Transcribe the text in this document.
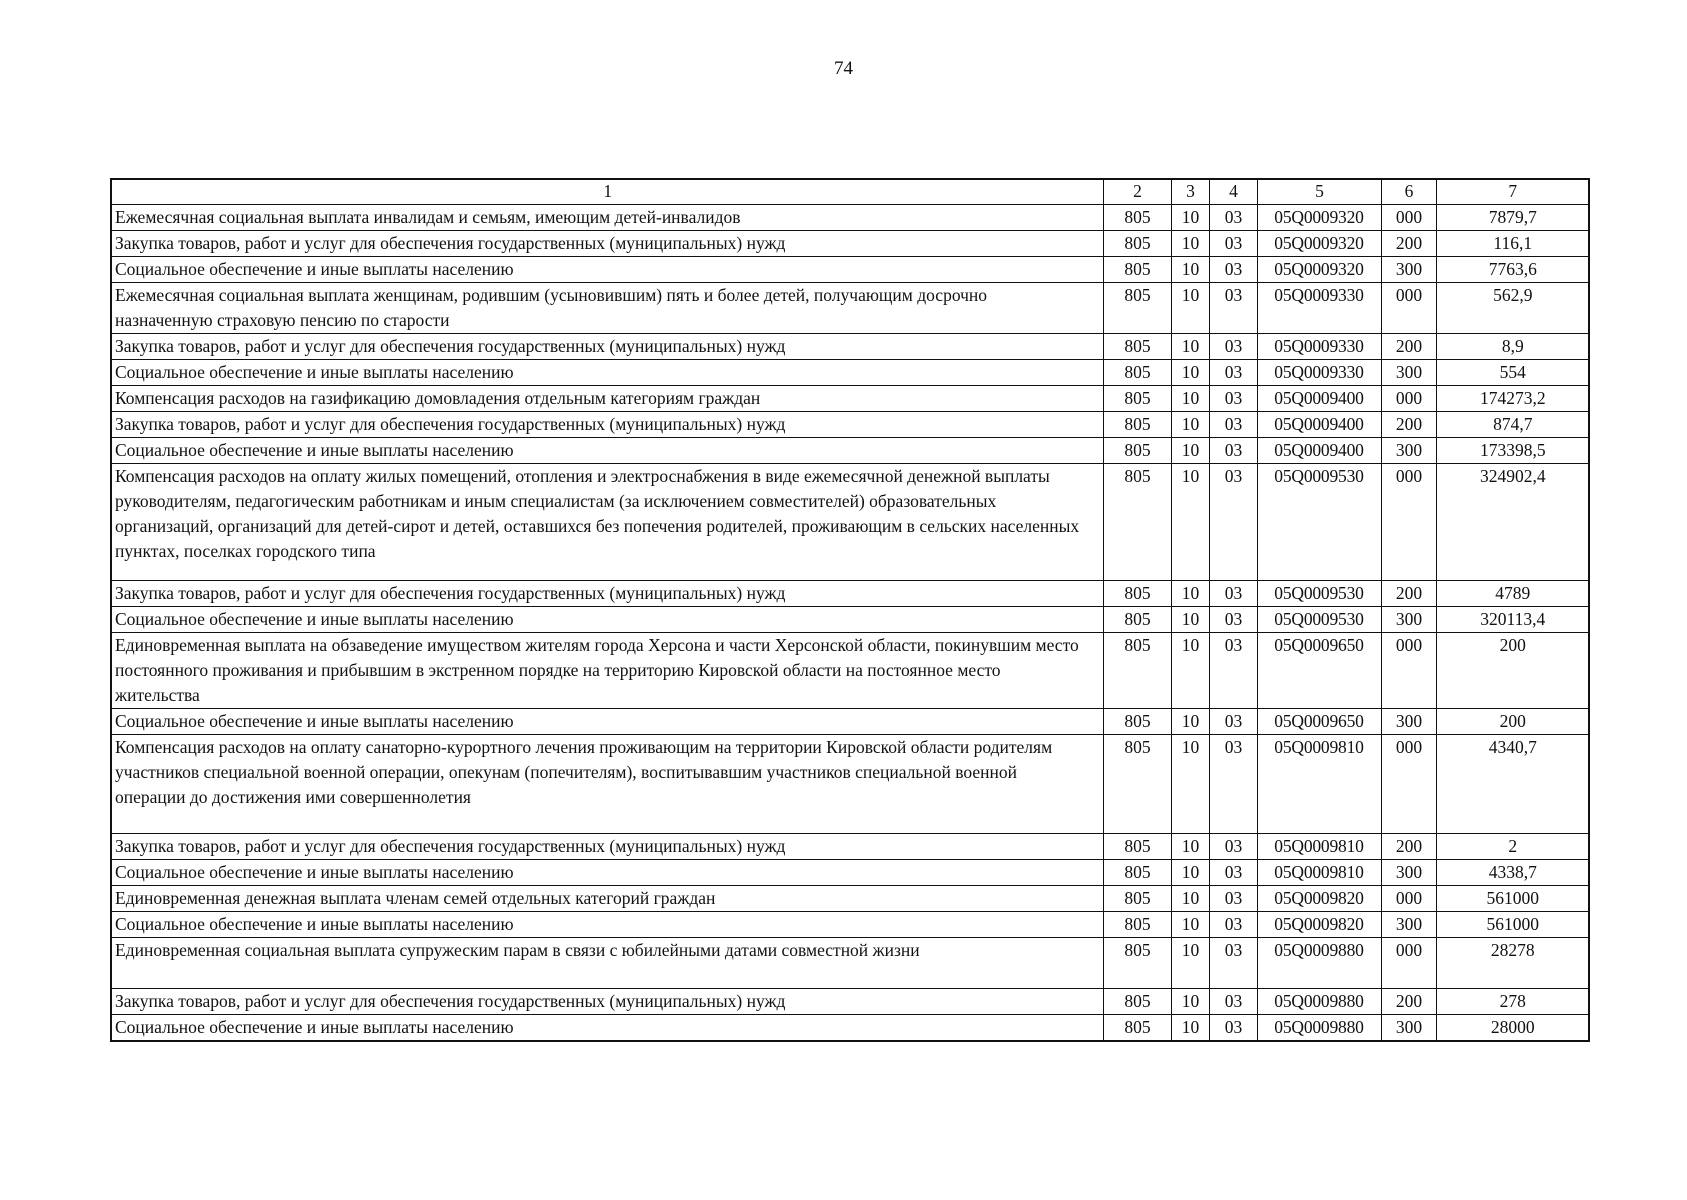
74
1	2	3	4	5	6	7
Ежемесячная социальная выплата инвалидам и семьям, имеющим детей-инвалидов	805	10	03	05Q0009320	000	7879,7
Закупка товаров, работ и услуг для обеспечения государственных (муниципальных) нужд	805	10	03	05Q0009320	200	116,1
Социальное обеспечение и иные выплаты населению	805	10	03	05Q0009320	300	7763,6
Ежемесячная социальная выплата женщинам, родившим (усыновившим) пять и более детей, получающим досрочно назначенную страховую пенсию по старости	805	10	03	05Q0009330	000	562,9
Закупка товаров, работ и услуг для обеспечения государственных (муниципальных) нужд	805	10	03	05Q0009330	200	8,9
Социальное обеспечение и иные выплаты населению	805	10	03	05Q0009330	300	554
Компенсация расходов на газификацию домовладения отдельным категориям граждан	805	10	03	05Q0009400	000	174273,2
Закупка товаров, работ и услуг для обеспечения государственных (муниципальных) нужд	805	10	03	05Q0009400	200	874,7
Социальное обеспечение и иные выплаты населению	805	10	03	05Q0009400	300	173398,5
Компенсация расходов на оплату жилых помещений, отопления и электроснабжения в виде ежемесячной денежной выплаты руководителям, педагогическим работникам и иным специалистам (за исключением совместителей) образовательных организаций, организаций для детей-сирот и детей, оставшихся без попечения родителей, проживающим в сельских населенных пунктах, поселках городского типа	805	10	03	05Q0009530	000	324902,4
Закупка товаров, работ и услуг для обеспечения государственных (муниципальных) нужд	805	10	03	05Q0009530	200	4789
Социальное обеспечение и иные выплаты населению	805	10	03	05Q0009530	300	320113,4
Единовременная выплата на обзаведение имуществом жителям города Херсона и части Херсонской области, покинувшим место постоянного проживания и прибывшим в экстренном порядке на территорию Кировской области на постоянное место жительства	805	10	03	05Q0009650	000	200
Социальное обеспечение и иные выплаты населению	805	10	03	05Q0009650	300	200
Компенсация расходов на оплату санаторно-курортного лечения проживающим на территории Кировской области родителям участников специальной военной операции, опекунам (попечителям), воспитывавшим участников специальной военной операции до достижения ими совершеннолетия	805	10	03	05Q0009810	000	4340,7
Закупка товаров, работ и услуг для обеспечения государственных (муниципальных) нужд	805	10	03	05Q0009810	200	2
Социальное обеспечение и иные выплаты населению	805	10	03	05Q0009810	300	4338,7
Единовременная денежная выплата членам семей отдельных категорий граждан	805	10	03	05Q0009820	000	561000
Социальное обеспечение и иные выплаты населению	805	10	03	05Q0009820	300	561000
Единовременная социальная выплата супружеским парам в связи с юбилейными датами совместной жизни	805	10	03	05Q0009880	000	28278
Закупка товаров, работ и услуг для обеспечения государственных (муниципальных) нужд	805	10	03	05Q0009880	200	278
Социальное обеспечение и иные выплаты населению	805	10	03	05Q0009880	300	28000
